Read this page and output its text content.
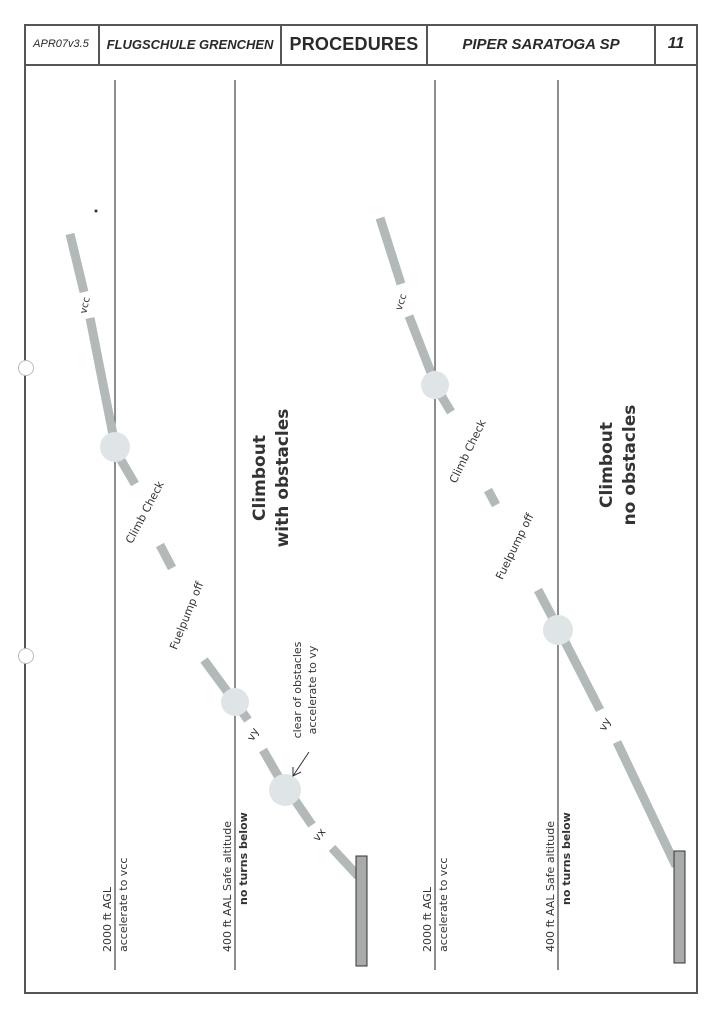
APR07v3.5	FLUGSCHULE GRENCHEN PROCEDURES	PIPER SARATOGA SP	11
vcc
Climb Check
Fuelpump off
vy
vx
clear of obstacles accelerate to vy
Climbout with obstacles
2000 ft AGL accelerate to vcc	400 ft AAL Safe altitude no turns below
vcc
Climb Check
Fuelpump off
vy
Climbout no obstacles
2000 ft AGL accelerate to vcc	400 ft AAL Safe altitude no turns below
